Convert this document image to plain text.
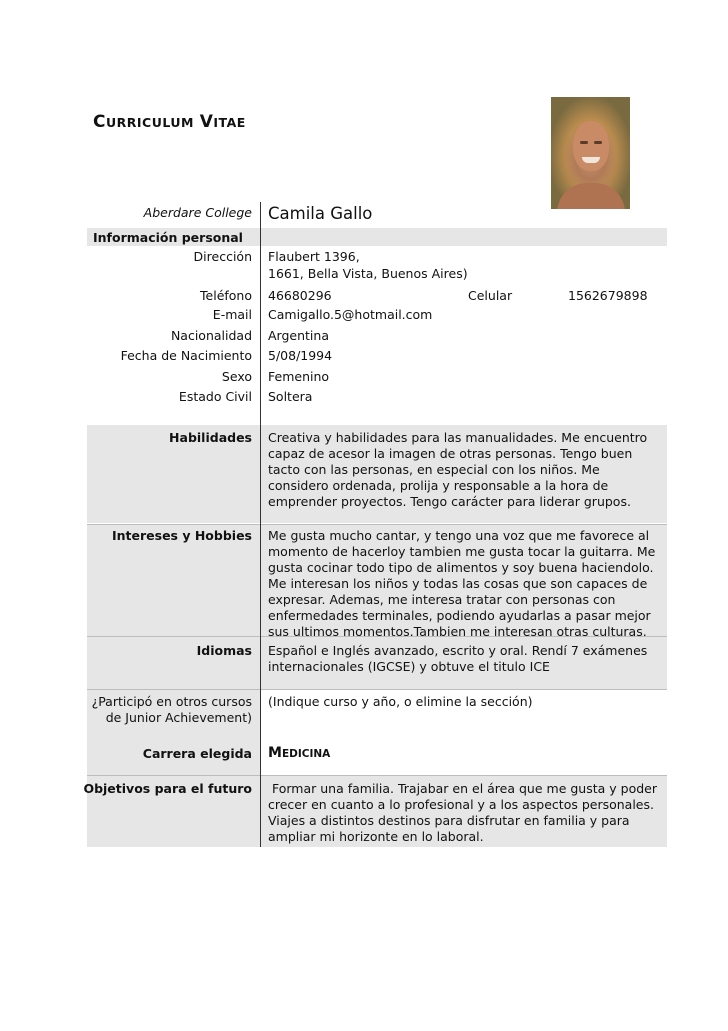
CURRICULUM VITAE
Aberdare College Camila Gallo
Información personal
Dirección Flaubert 1396,
1661, Bella Vista, Buenos Aires)
Teléfono 46680296	Celular	1562679898
E-mail Camigallo.5@hotmail.com
Nacionalidad Argentina
Fecha de Nacimiento 5/08/1994
Sexo Femenino
Estado Civil Soltera
Habilidades Creativa y habilidades para las manualidades. Me encuentro capaz de acesor la imagen de otras personas. Tengo buen tacto con las personas, en especial con los niños. Me considero ordenada, prolija y responsable a la hora de emprender proyectos. Tengo carácter para liderar grupos.
Intereses y Hobbies Me gusta mucho cantar, y tengo una voz que me favorece al momento de hacerloy tambien me gusta tocar la guitarra. Me gusta cocinar todo tipo de alimentos y soy buena haciendolo. Me interesan los niños y todas las cosas que son capaces de expresar. Ademas, me interesa tratar con personas con enfermedades terminales, podiendo ayudarlas a pasar mejor sus ultimos momentos.Tambien me interesan otras culturas.
Idiomas Español e Inglés avanzado, escrito y oral. Rendí 7 exámenes internacionales (IGCSE) y obtuve el titulo ICE
¿Participó en otros cursos
de Junior Achievement)
(Indique curso y año, o elimine la sección)
Carrera elegida MEDICINA
Objetivos para el futuro Formar una familia. Trajabar en el área que me gusta y poder crecer en cuanto a lo profesional y a los aspectos personales. Viajes a distintos destinos para disfrutar en familia y para ampliar mi horizonte en lo laboral.
